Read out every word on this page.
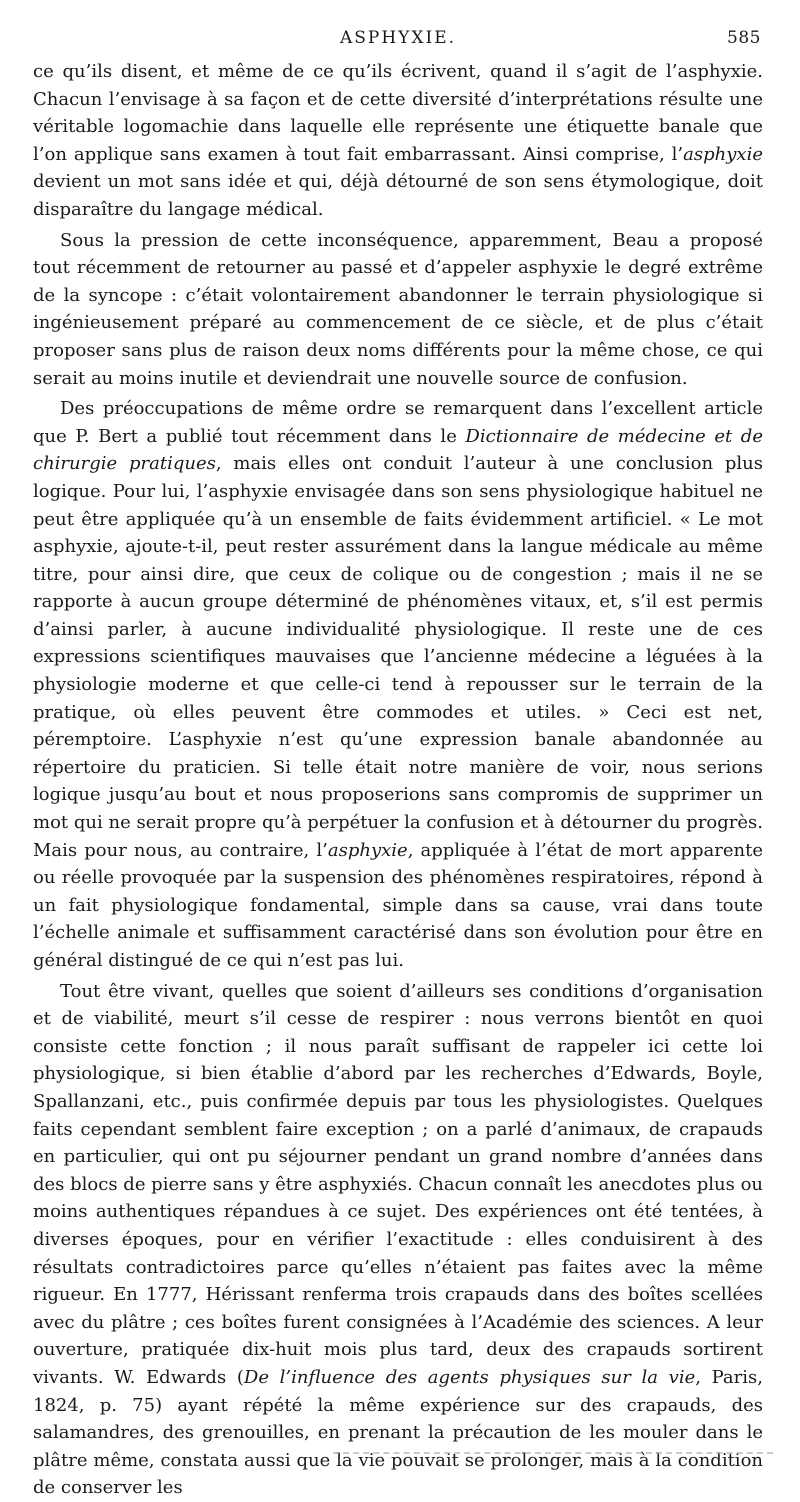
ASPHYXIE.	585

ce qu’ils disent, et même de ce qu’ils écrivent, quand il s’agit de l’asphyxie. Chacun l’envisage à sa façon et de cette diversité d’interprétations résulte une véritable logomachie dans laquelle elle représente une étiquette banale que l’on applique sans examen à tout fait embarrassant. Ainsi comprise, l’asphyxie devient un mot sans idée et qui, déjà détourné de son sens étymologique, doit disparaître du langage médical.

Sous la pression de cette inconséquence, apparemment, Beau a proposé tout récemment de retourner au passé et d’appeler asphyxie le degré extrême de la syncope : c’était volontairement abandonner le terrain physiologique si ingénieusement préparé au commencement de ce siècle, et de plus c’était proposer sans plus de raison deux noms différents pour la même chose, ce qui serait au moins inutile et deviendrait une nouvelle source de confusion.

Des préoccupations de même ordre se remarquent dans l’excellent article que P. Bert a publié tout récemment dans le Dictionnaire de médecine et de chirurgie pratiques, mais elles ont conduit l’auteur à une conclusion plus logique. Pour lui, l’asphyxie envisagée dans son sens physiologique habituel ne peut être appliquée qu’à un ensemble de faits évidemment artificiel. « Le mot asphyxie, ajoute-t-il, peut rester assurément dans la langue médicale au même titre, pour ainsi dire, que ceux de colique ou de congestion ; mais il ne se rapporte à aucun groupe déterminé de phénomènes vitaux, et, s’il est permis d’ainsi parler, à aucune individualité physiologique. Il reste une de ces expressions scientifiques mauvaises que l’ancienne médecine a léguées à la physiologie moderne et que celle-ci tend à repousser sur le terrain de la pratique, où elles peuvent être commodes et utiles. » Ceci est net, péremptoire. L’asphyxie n’est qu’une expression banale abandonnée au répertoire du praticien. Si telle était notre manière de voir, nous serions logique jusqu’au bout et nous proposerions sans compromis de supprimer un mot qui ne serait propre qu’à perpétuer la confusion et à détourner du progrès. Mais pour nous, au contraire, l’asphyxie, appliquée à l’état de mort apparente ou réelle provoquée par la suspension des phénomènes respiratoires, répond à un fait physiologique fondamental, simple dans sa cause, vrai dans toute l’échelle animale et suffisamment caractérisé dans son évolution pour être en général distingué de ce qui n’est pas lui.

Tout être vivant, quelles que soient d’ailleurs ses conditions d’organisation et de viabilité, meurt s’il cesse de respirer : nous verrons bientôt en quoi consiste cette fonction ; il nous paraît suffisant de rappeler ici cette loi physiologique, si bien établie d’abord par les recherches d’Edwards, Boyle, Spallanzani, etc., puis confirmée depuis par tous les physiologistes. Quelques faits cependant semblent faire exception ; on a parlé d’animaux, de crapauds en particulier, qui ont pu séjourner pendant un grand nombre d’années dans des blocs de pierre sans y être asphyxiés. Chacun connaît les anecdotes plus ou moins authentiques répandues à ce sujet. Des expériences ont été tentées, à diverses époques, pour en vérifier l’exactitude : elles conduisirent à des résultats contradictoires parce qu’elles n’étaient pas faites avec la même rigueur. En 1777, Hérissant renferma trois crapauds dans des boîtes scellées avec du plâtre ; ces boîtes furent consignées à l’Académie des sciences. A leur ouverture, pratiquée dix-huit mois plus tard, deux des crapauds sortirent vivants. W. Edwards (De l’influence des agents physiques sur la vie, Paris, 1824, p. 75) ayant répété la même expérience sur des crapauds, des salamandres, des grenouilles, en prenant la précaution de les mouler dans le plâtre même, constata aussi que la vie pouvait se prolonger, mais à la condition de conserver les
